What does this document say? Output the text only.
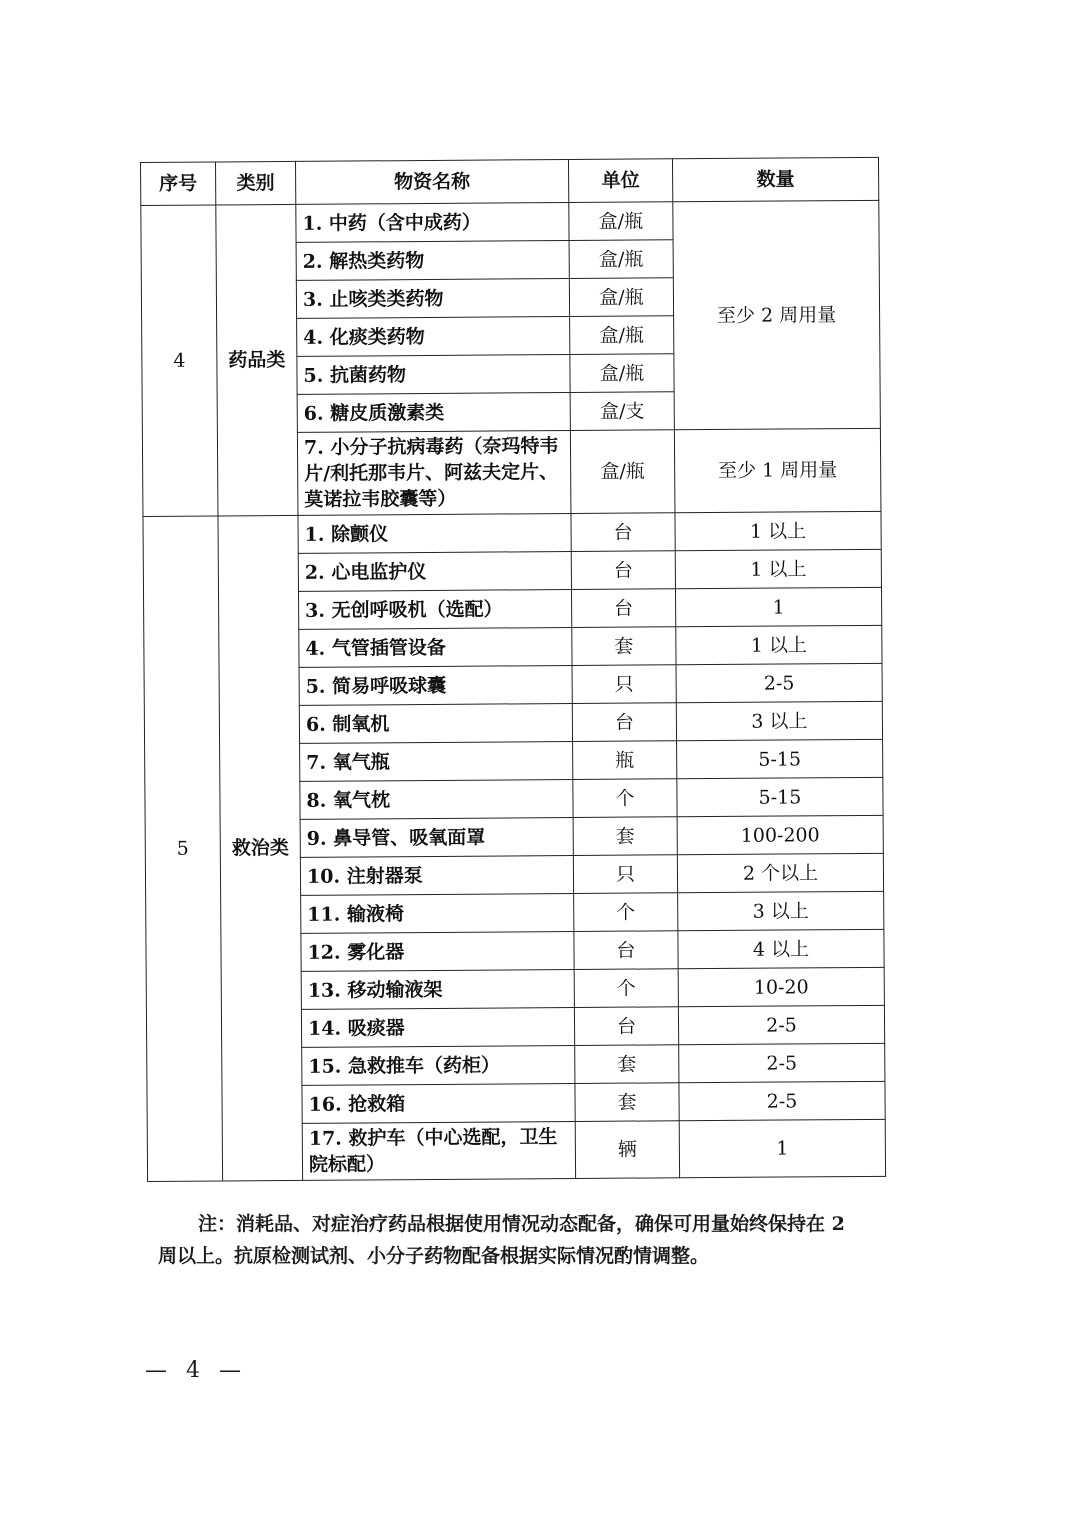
序号	类别	物资名称	单位	数量
4	药品类	1. 中药（含中成药）	盒/瓶	至少 2 周用量
		2. 解热类药物	盒/瓶	
		3. 止咳类类药物	盒/瓶	
		4. 化痰类药物	盒/瓶	
		5. 抗菌药物	盒/瓶	
		6. 糖皮质激素类	盒/支	
		7. 小分子抗病毒药（奈玛特韦片/利托那韦片、阿兹夫定片、莫诺拉韦胶囊等）	盒/瓶	至少 1 周用量
5	救治类	1. 除颤仪	台	1 以上
		2. 心电监护仪	台	1 以上
		3. 无创呼吸机（选配）	台	1
		4. 气管插管设备	套	1 以上
		5. 简易呼吸球囊	只	2-5
		6. 制氧机	台	3 以上
		7. 氧气瓶	瓶	5-15
		8. 氧气枕	个	5-15
		9. 鼻导管、吸氧面罩	套	100-200
		10. 注射器泵	只	2 个以上
		11. 输液椅	个	3 以上
		12. 雾化器	台	4 以上
		13. 移动输液架	个	10-20
		14. 吸痰器	台	2-5
		15. 急救推车（药柜）	套	2-5
		16. 抢救箱	套	2-5
		17. 救护车（中心选配，卫生院标配）	辆	1
注：消耗品、对症治疗药品根据使用情况动态配备，确保可用量始终保持在 2 周以上。抗原检测试剂、小分子药物配备根据实际情况酌情调整。
— 4 —
